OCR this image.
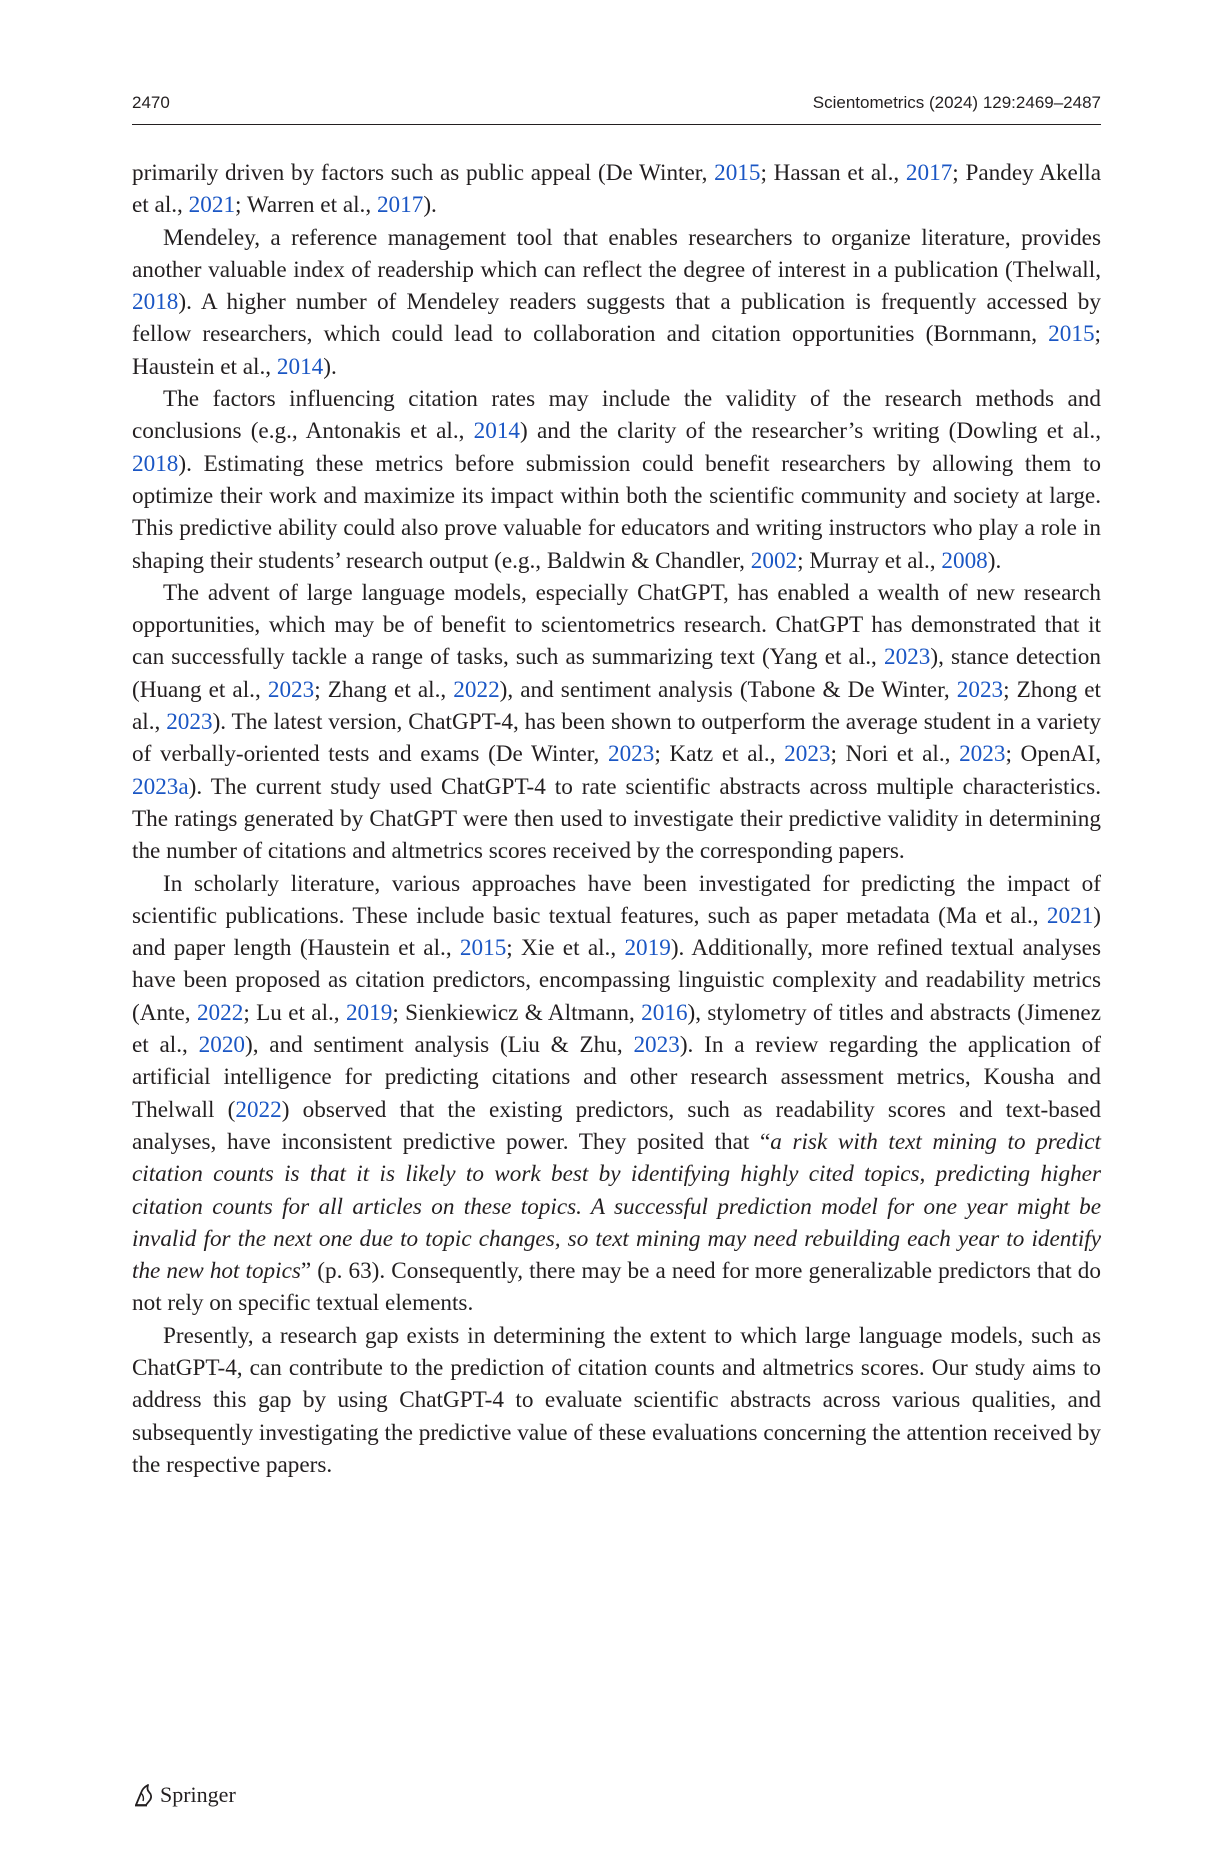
2470	Scientometrics (2024) 129:2469–2487

primarily driven by factors such as public appeal (De Winter, 2015; Hassan et al., 2017; Pandey Akella et al., 2021; Warren et al., 2017).

Mendeley, a reference management tool that enables researchers to organize literature, provides another valuable index of readership which can reflect the degree of interest in a publication (Thelwall, 2018). A higher number of Mendeley readers suggests that a publication is frequently accessed by fellow researchers, which could lead to collaboration and citation opportunities (Bornmann, 2015; Haustein et al., 2014).

The factors influencing citation rates may include the validity of the research methods and conclusions (e.g., Antonakis et al., 2014) and the clarity of the researcher’s writing (Dowling et al., 2018). Estimating these metrics before submission could benefit researchers by allowing them to optimize their work and maximize its impact within both the scientific community and society at large. This predictive ability could also prove valuable for educators and writing instructors who play a role in shaping their students’ research output (e.g., Baldwin & Chandler, 2002; Murray et al., 2008).

The advent of large language models, especially ChatGPT, has enabled a wealth of new research opportunities, which may be of benefit to scientometrics research. ChatGPT has demonstrated that it can successfully tackle a range of tasks, such as summarizing text (Yang et al., 2023), stance detection (Huang et al., 2023; Zhang et al., 2022), and sentiment analysis (Tabone & De Winter, 2023; Zhong et al., 2023). The latest version, ChatGPT-4, has been shown to outperform the average student in a variety of verbally-oriented tests and exams (De Winter, 2023; Katz et al., 2023; Nori et al., 2023; OpenAI, 2023a). The current study used ChatGPT-4 to rate scientific abstracts across multiple characteristics. The ratings generated by ChatGPT were then used to investigate their predictive validity in determining the number of citations and altmetrics scores received by the corresponding papers.

In scholarly literature, various approaches have been investigated for predicting the impact of scientific publications. These include basic textual features, such as paper metadata (Ma et al., 2021) and paper length (Haustein et al., 2015; Xie et al., 2019). Additionally, more refined textual analyses have been proposed as citation predictors, encompassing linguistic complexity and readability metrics (Ante, 2022; Lu et al., 2019; Sienkiewicz & Altmann, 2016), stylometry of titles and abstracts (Jimenez et al., 2020), and sentiment analysis (Liu & Zhu, 2023). In a review regarding the application of artificial intelligence for predicting citations and other research assessment metrics, Kousha and Thelwall (2022) observed that the existing predictors, such as readability scores and text-based analyses, have inconsistent predictive power. They posited that “a risk with text mining to predict citation counts is that it is likely to work best by identifying highly cited topics, predicting higher citation counts for all articles on these topics. A successful prediction model for one year might be invalid for the next one due to topic changes, so text mining may need rebuilding each year to identify the new hot topics” (p. 63). Consequently, there may be a need for more generalizable predictors that do not rely on specific textual elements.

Presently, a research gap exists in determining the extent to which large language models, such as ChatGPT-4, can contribute to the prediction of citation counts and altmetrics scores. Our study aims to address this gap by using ChatGPT-4 to evaluate scientific abstracts across various qualities, and subsequently investigating the predictive value of these evaluations concerning the attention received by the respective papers.

Springer
